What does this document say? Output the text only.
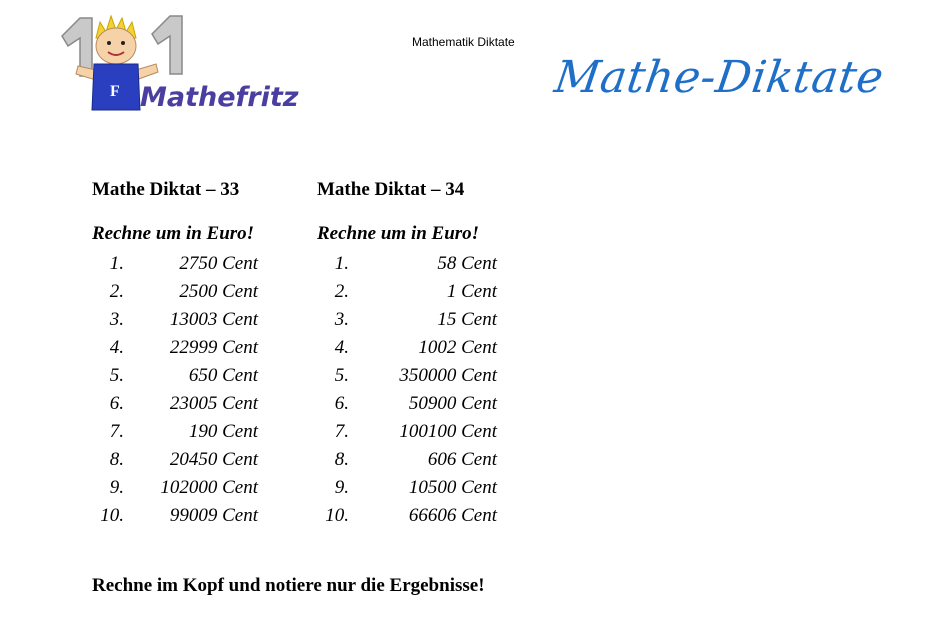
F Mathefritz
Mathematik Diktate
Mathe-Diktate
Mathe Diktat – 33
Rechne um in Euro!
1.	2750 Cent
2.	2500 Cent
3.	13003 Cent
4.	22999 Cent
5.	650 Cent
6.	23005 Cent
7.	190 Cent
8.	20450 Cent
9.	102000 Cent
10.	99009 Cent
Mathe Diktat – 34
Rechne um in Euro!
1.	58 Cent
2.	1 Cent
3.	15 Cent
4.	1002 Cent
5.	350000 Cent
6.	50900 Cent
7.	100100 Cent
8.	606 Cent
9.	10500 Cent
10.	66606 Cent
Rechne im Kopf und notiere nur die Ergebnisse!
